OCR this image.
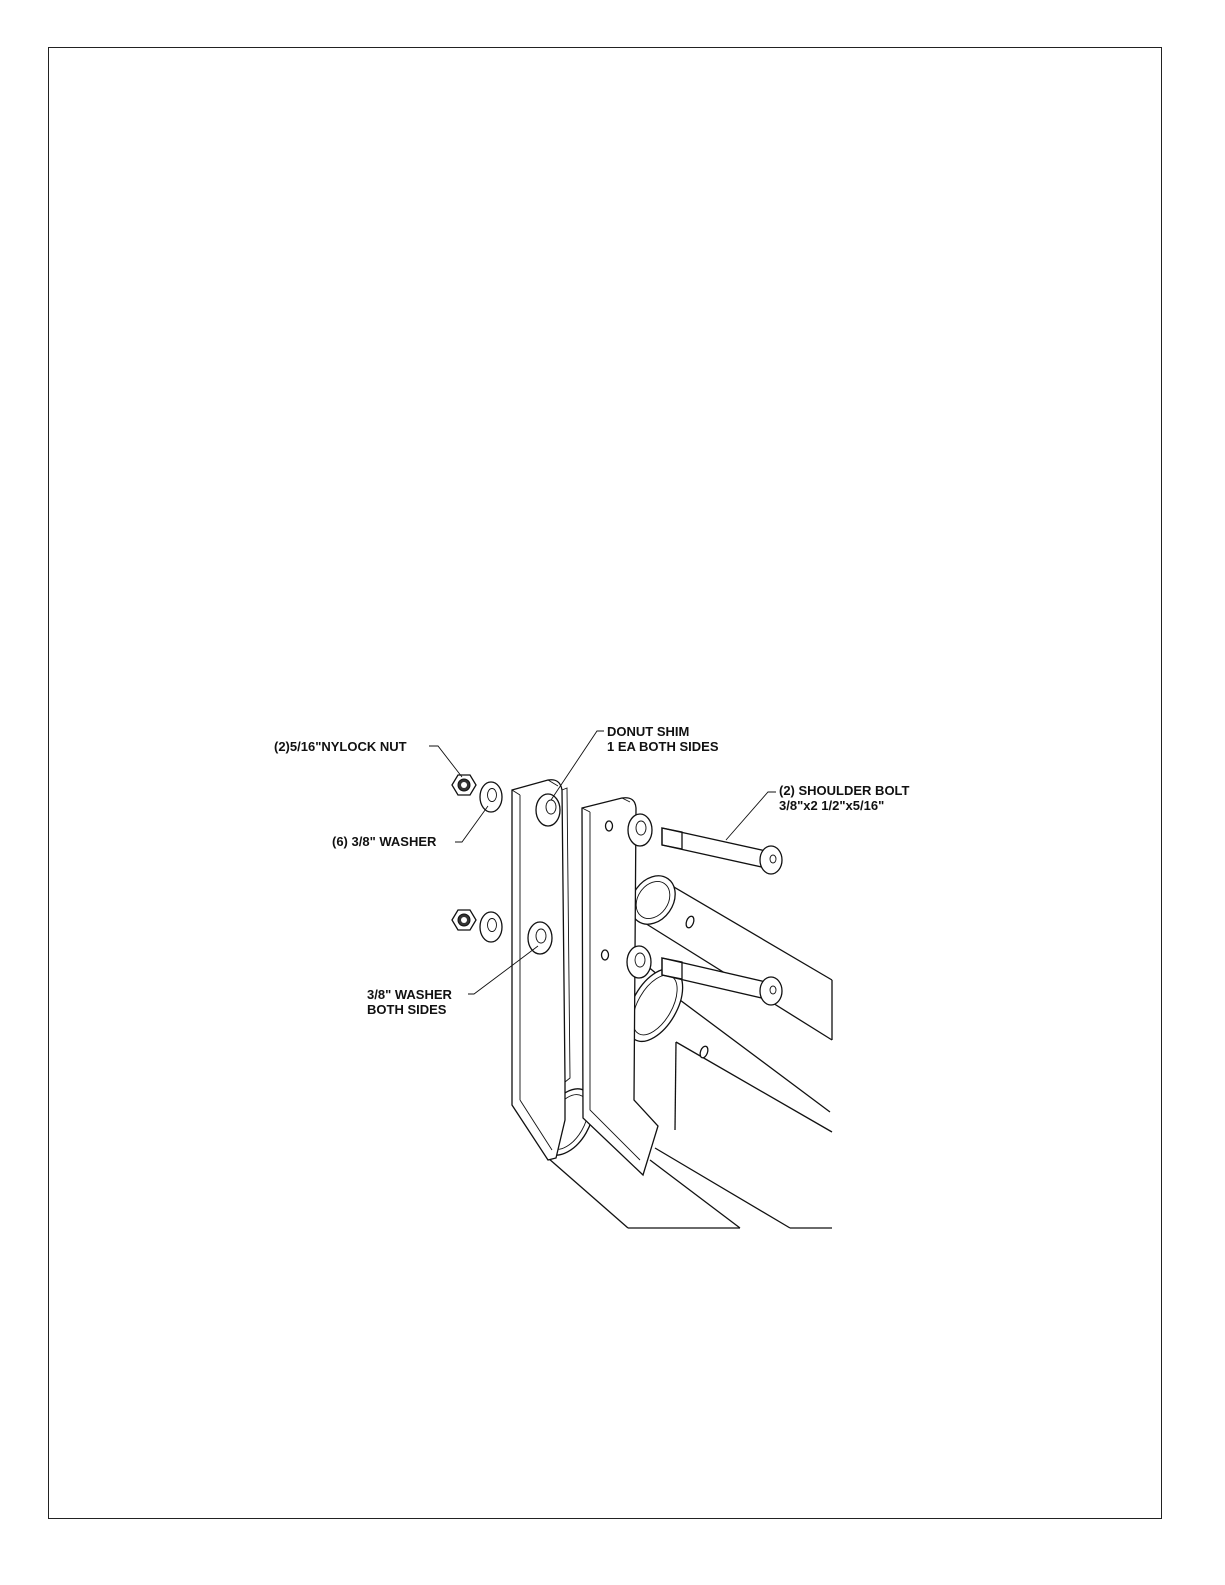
(2)5/16"NYLOCK NUT
(6) 3/8" WASHER
DONUT SHIM
1 EA BOTH SIDES
(2) SHOULDER BOLT
3/8"x2 1/2"x5/16"
3/8" WASHER
BOTH SIDES
